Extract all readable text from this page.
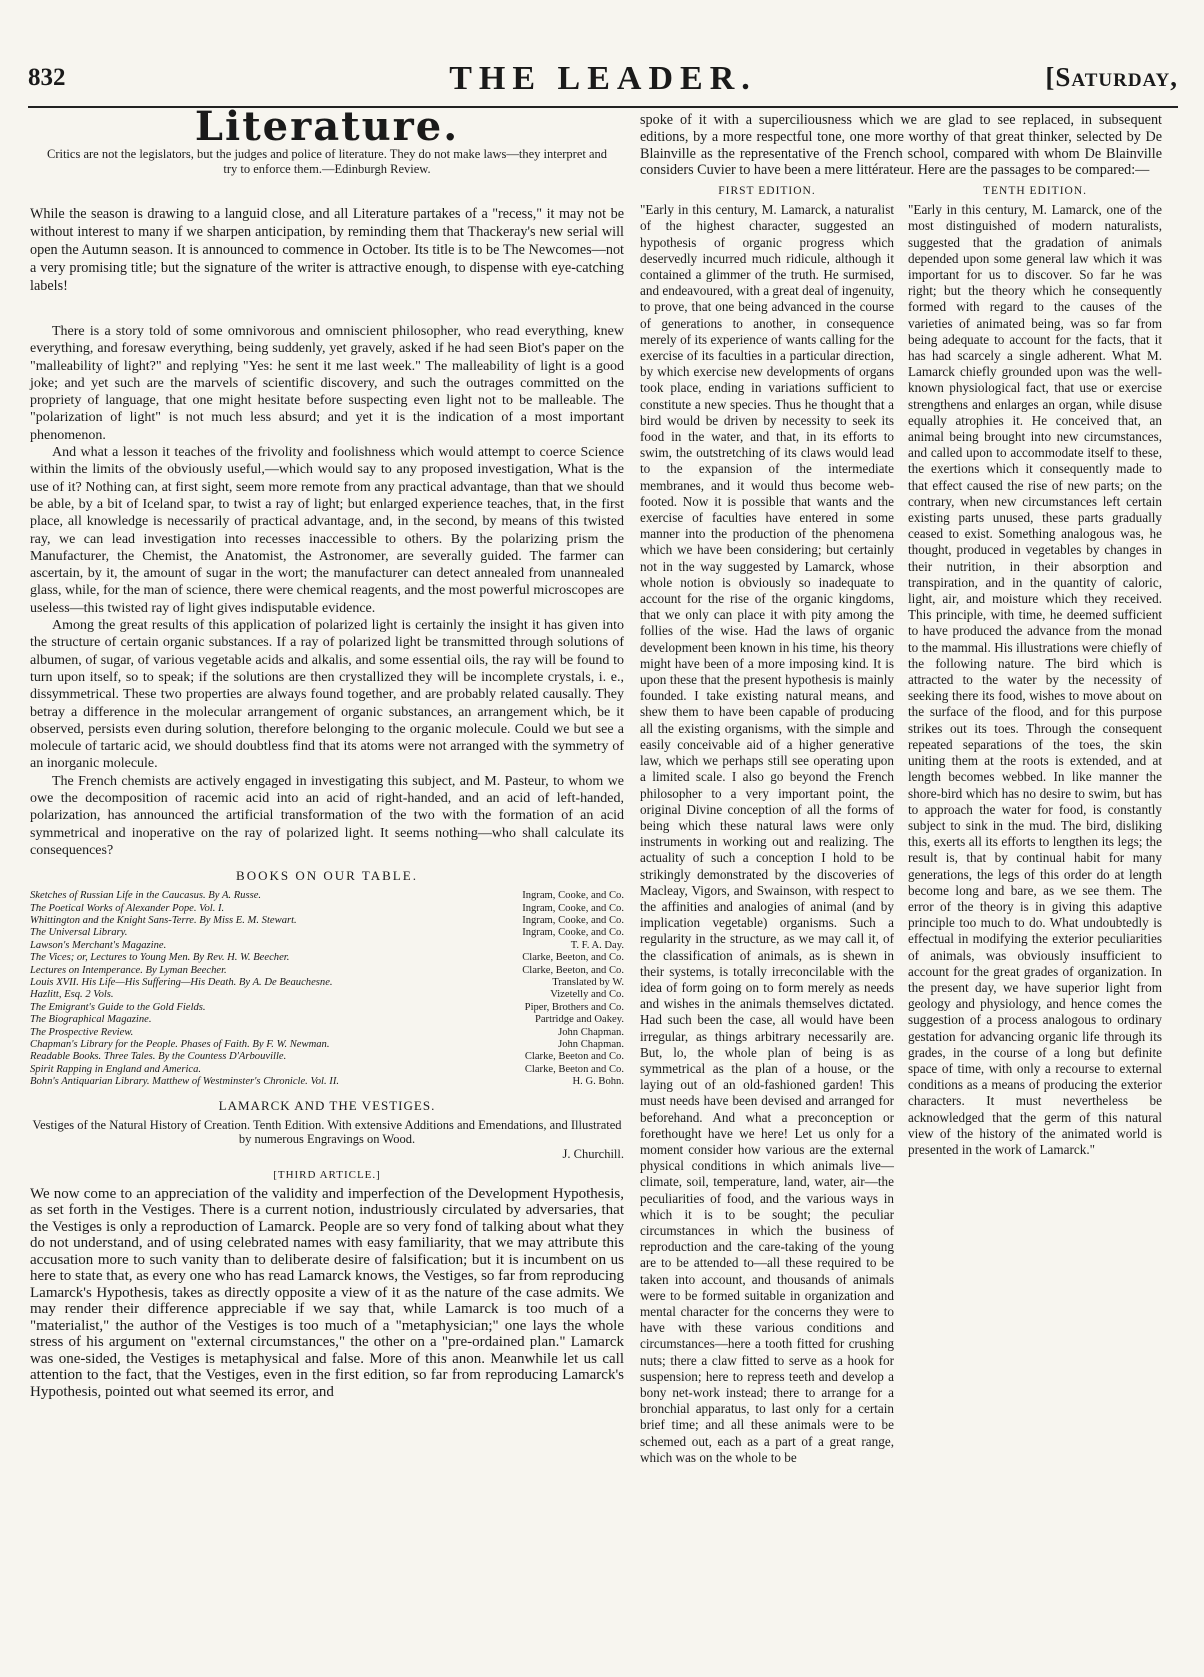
832	THE LEADER.	[Saturday,
Literature.
Critics are not the legislators, but the judges and police of literature. They do not make laws—they interpret and try to enforce them.—Edinburgh Review.

While the season is drawing to a languid close, and all Literature partakes of a "recess," it may not be without interest to many if we sharpen anticipation, by reminding them that Thackeray's new serial will open the Autumn season. It is announced to commence in October. Its title is to be The Newcomes—not a very promising title; but the signature of the writer is attractive enough, to dispense with eye-catching labels!

There is a story told of some omnivorous and omniscient philosopher, who read everything, knew everything, and foresaw everything, being suddenly, yet gravely, asked if he had seen Biot's paper on the "malleability of light?" and replying "Yes: he sent it me last week." The malleability of light is a good joke; and yet such are the marvels of scientific discovery, and such the outrages committed on the propriety of language, that one might hesitate before suspecting even light not to be malleable. The "polarization of light" is not much less absurd; and yet it is the indication of a most important phenomenon.

And what a lesson it teaches of the frivolity and foolishness which would attempt to coerce Science within the limits of the obviously useful,—which would say to any proposed investigation, What is the use of it? Nothing can, at first sight, seem more remote from any practical advantage, than that we should be able, by a bit of Iceland spar, to twist a ray of light; but enlarged experience teaches, that, in the first place, all knowledge is necessarily of practical advantage, and, in the second, by means of this twisted ray, we can lead investigation into recesses inaccessible to others. By the polarizing prism the Manufacturer, the Chemist, the Anatomist, the Astronomer, are severally guided. The farmer can ascertain, by it, the amount of sugar in the wort; the manufacturer can detect annealed from unannealed glass, while, for the man of science, there were chemical reagents, and the most powerful microscopes are useless—this twisted ray of light gives indisputable evidence.

Among the great results of this application of polarized light is certainly the insight it has given into the structure of certain organic substances. If a ray of polarized light be transmitted through solutions of albumen, of sugar, of various vegetable acids and alkalis, and some essential oils, the ray will be found to turn upon itself, so to speak; if the solutions are then crystallized they will be incomplete crystals, i. e., dissymmetrical. These two properties are always found together, and are probably related causally. They betray a difference in the molecular arrangement of organic substances, an arrangement which, be it observed, persists even during solution, therefore belonging to the organic molecule. Could we but see a molecule of tartaric acid, we should doubtless find that its atoms were not arranged with the symmetry of an inorganic molecule.

The French chemists are actively engaged in investigating this subject, and M. Pasteur, to whom we owe the decomposition of racemic acid into an acid of right-handed, and an acid of left-handed, polarization, has announced the artificial transformation of the two with the formation of an acid symmetrical and inoperative on the ray of polarized light. It seems nothing—who shall calculate its consequences?

BOOKS ON OUR TABLE.
Sketches of Russian Life in the Caucasus. By A. Russe.	Ingram, Cooke, and Co.
The Poetical Works of Alexander Pope. Vol. I.	Ingram, Cooke, and Co.
Whittington and the Knight Sans-Terre. By Miss E. M. Stewart.	Ingram, Cooke, and Co.
The Universal Library.	Ingram, Cooke, and Co.
Lawson's Merchant's Magazine.	T. F. A. Day.
The Vices; or, Lectures to Young Men. By Rev. H. W. Beecher.	Clarke, Beeton, and Co.
Lectures on Intemperance. By Lyman Beecher.	Clarke, Beeton, and Co.
Louis XVII. His Life—His Suffering—His Death. By A. De Beauchesne.	Translated by W.
Hazlitt, Esq. 2 Vols.	Vizetelly and Co.
The Emigrant's Guide to the Gold Fields.	Piper, Brothers and Co.
The Biographical Magazine.	Partridge and Oakey.
The Prospective Review.	John Chapman.
Chapman's Library for the People. Phases of Faith. By F. W. Newman.	John Chapman.
Readable Books. Three Tales. By the Countess D'Arbouville.	Clarke, Beeton and Co.
Spirit Rapping in England and America.	Clarke, Beeton and Co.
Bohn's Antiquarian Library. Matthew of Westminster's Chronicle. Vol. II.	H. G. Bohn.
LAMARCK AND THE VESTIGES.
Vestiges of the Natural History of Creation. Tenth Edition. With extensive Additions and Emendations, and Illustrated by numerous Engravings on Wood.
J. Churchill.
[THIRD ARTICLE.]

We now come to an appreciation of the validity and imperfection of the Development Hypothesis, as set forth in the Vestiges. There is a current notion, industriously circulated by adversaries, that the Vestiges is only a reproduction of Lamarck. People are so very fond of talking about what they do not understand, and of using celebrated names with easy familiarity, that we may attribute this accusation more to such vanity than to deliberate desire of falsification; but it is incumbent on us here to state that, as every one who has read Lamarck knows, the Vestiges, so far from reproducing Lamarck's Hypothesis, takes as directly opposite a view of it as the nature of the case admits. We may render their difference appreciable if we say that, while Lamarck is too much of a "materialist," the author of the Vestiges is too much of a "metaphysician;" one lays the whole stress of his argument on "external circumstances," the other on a "pre-ordained plan." Lamarck was one-sided, the Vestiges is metaphysical and false. More of this anon. Meanwhile let us call attention to the fact, that the Vestiges, even in the first edition, so far from reproducing Lamarck's Hypothesis, pointed out what seemed its error, and

spoke of it with a superciliousness which we are glad to see replaced, in subsequent editions, by a more respectful tone, one more worthy of that great thinker, selected by De Blainville as the representative of the French school, compared with whom De Blainville considers Cuvier to have been a mere littérateur. Here are the passages to be compared:—
FIRST EDITION.
"Early in this century, M. Lamarck, a naturalist of the highest character, suggested an hypothesis of organic progress which deservedly incurred much ridicule, although it contained a glimmer of the truth. He surmised, and endeavoured, with a great deal of ingenuity, to prove, that one being advanced in the course of generations to another, in consequence merely of its experience of wants calling for the exercise of its faculties in a particular direction, by which exercise new developments of organs took place, ending in variations sufficient to constitute a new species. Thus he thought that a bird would be driven by necessity to seek its food in the water, and that, in its efforts to swim, the outstretching of its claws would lead to the expansion of the intermediate membranes, and it would thus become web-footed. Now it is possible that wants and the exercise of faculties have entered in some manner into the production of the phenomena which we have been considering; but certainly not in the way suggested by Lamarck, whose whole notion is obviously so inadequate to account for the rise of the organic kingdoms, that we only can place it with pity among the follies of the wise. Had the laws of organic development been known in his time, his theory might have been of a more imposing kind. It is upon these that the present hypothesis is mainly founded. I take existing natural means, and shew them to have been capable of producing all the existing organisms, with the simple and easily conceivable aid of a higher generative law, which we perhaps still see operating upon a limited scale. I also go beyond the French philosopher to a very important point, the original Divine conception of all the forms of being which these natural laws were only instruments in working out and realizing. The actuality of such a conception I hold to be strikingly demonstrated by the discoveries of Macleay, Vigors, and Swainson, with respect to the affinities and analogies of animal (and by implication vegetable) organisms. Such a regularity in the structure, as we may call it, of the classification of animals, as is shewn in their systems, is totally irreconcilable with the idea of form going on to form merely as needs and wishes in the animals themselves dictated. Had such been the case, all would have been irregular, as things arbitrary necessarily are. But, lo, the whole plan of being is as symmetrical as the plan of a house, or the laying out of an old-fashioned garden! This must needs have been devised and arranged for beforehand. And what a preconception or forethought have we here! Let us only for a moment consider how various are the external physical conditions in which animals live—climate, soil, temperature, land, water, air—the peculiarities of food, and the various ways in which it is to be sought; the peculiar circumstances in which the business of reproduction and the care-taking of the young are to be attended to—all these required to be taken into account, and thousands of animals were to be formed suitable in organization and mental character for the concerns they were to have with these various conditions and circumstances—here a tooth fitted for crushing nuts; there a claw fitted to serve as a hook for suspension; here to repress teeth and develop a bony net-work instead; there to arrange for a bronchial apparatus, to last only for a certain brief time; and all these animals were to be schemed out, each as a part of a great range, which was on the whole to be
TENTH EDITION.
"Early in this century, M. Lamarck, one of the most distinguished of modern naturalists, suggested that the gradation of animals depended upon some general law which it was important for us to discover. So far he was right; but the theory which he consequently formed with regard to the causes of the varieties of animated being, was so far from being adequate to account for the facts, that it has had scarcely a single adherent. What M. Lamarck chiefly grounded upon was the well-known physiological fact, that use or exercise strengthens and enlarges an organ, while disuse equally atrophies it. He conceived that, an animal being brought into new circumstances, and called upon to accommodate itself to these, the exertions which it consequently made to that effect caused the rise of new parts; on the contrary, when new circumstances left certain existing parts unused, these parts gradually ceased to exist. Something analogous was, he thought, produced in vegetables by changes in their nutrition, in their absorption and transpiration, and in the quantity of caloric, light, air, and moisture which they received. This principle, with time, he deemed sufficient to have produced the advance from the monad to the mammal. His illustrations were chiefly of the following nature. The bird which is attracted to the water by the necessity of seeking there its food, wishes to move about on the surface of the flood, and for this purpose strikes out its toes. Through the consequent repeated separations of the toes, the skin uniting them at the roots is extended, and at length becomes webbed. In like manner the shore-bird which has no desire to swim, but has to approach the water for food, is constantly subject to sink in the mud. The bird, disliking this, exerts all its efforts to lengthen its legs; the result is, that by continual habit for many generations, the legs of this order do at length become long and bare, as we see them. The error of the theory is in giving this adaptive principle too much to do. What undoubtedly is effectual in modifying the exterior peculiarities of animals, was obviously insufficient to account for the great grades of organization. In the present day, we have superior light from geology and physiology, and hence comes the suggestion of a process analogous to ordinary gestation for advancing organic life through its grades, in the course of a long but definite space of time, with only a recourse to external conditions as a means of producing the exterior characters. It must nevertheless be acknowledged that the germ of this natural view of the history of the animated world is presented in the work of Lamarck."
